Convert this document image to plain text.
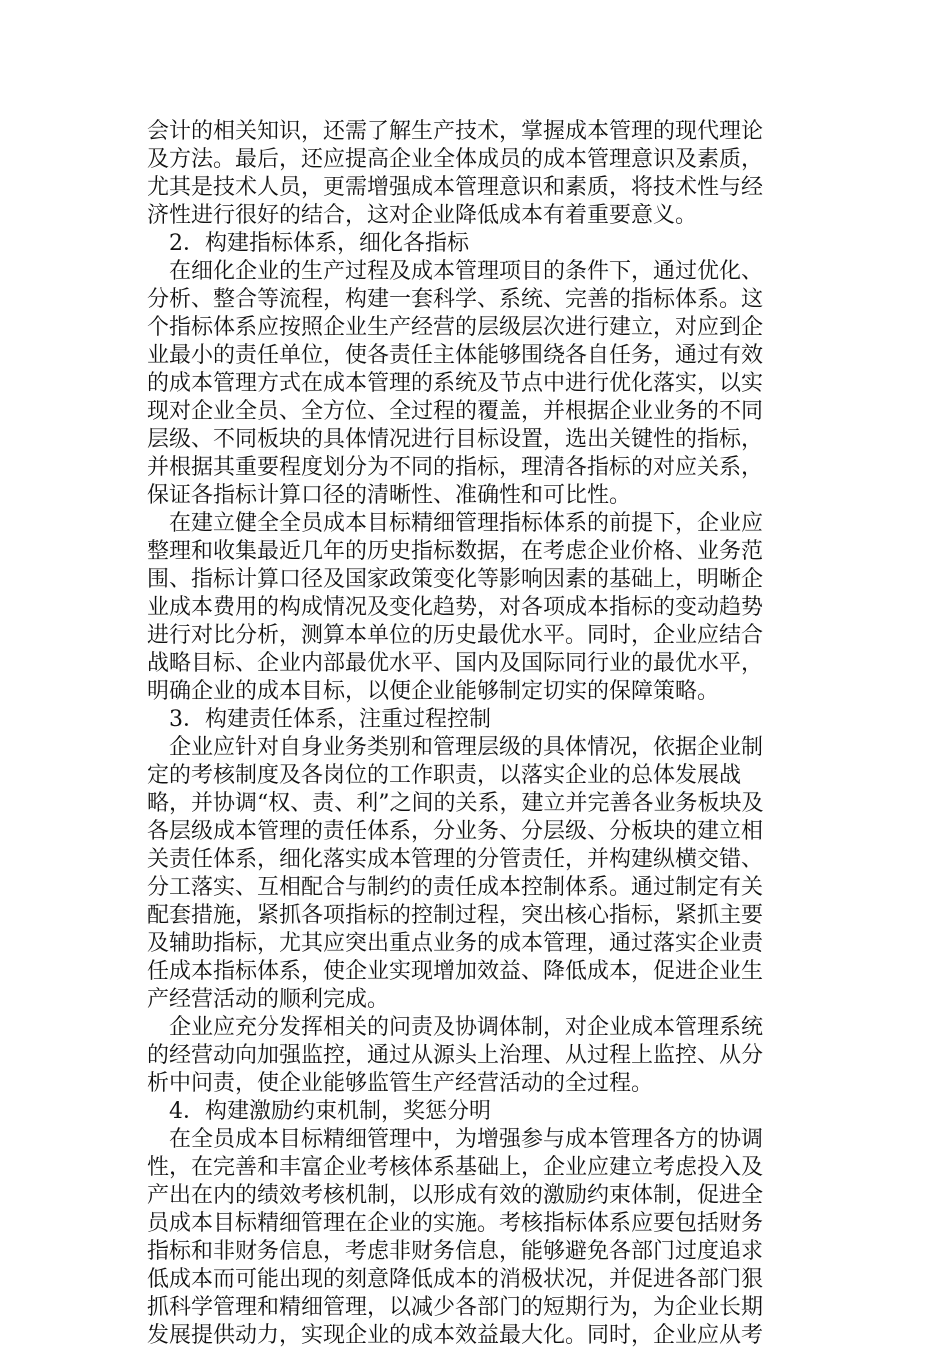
会计的相关知识，还需了解生产技术，掌握成本管理的现代理论及方法。最后，还应提高企业全体成员的成本管理意识及素质，尤其是技术人员，更需增强成本管理意识和素质，将技术性与经济性进行很好的结合，这对企业降低成本有着重要意义。

2．构建指标体系，细化各指标

在细化企业的生产过程及成本管理项目的条件下，通过优化、分析、整合等流程，构建一套科学、系统、完善的指标体系。这个指标体系应按照企业生产经营的层级层次进行建立，对应到企业最小的责任单位，使各责任主体能够围绕各自任务，通过有效的成本管理方式在成本管理的系统及节点中进行优化落实，以实现对企业全员、全方位、全过程的覆盖，并根据企业业务的不同层级、不同板块的具体情况进行目标设置，选出关键性的指标，并根据其重要程度划分为不同的指标，理清各指标的对应关系，保证各指标计算口径的清晰性、准确性和可比性。

在建立健全全员成本目标精细管理指标体系的前提下，企业应整理和收集最近几年的历史指标数据，在考虑企业价格、业务范围、指标计算口径及国家政策变化等影响因素的基础上，明晰企业成本费用的构成情况及变化趋势，对各项成本指标的变动趋势进行对比分析，测算本单位的历史最优水平。同时，企业应结合战略目标、企业内部最优水平、国内及国际同行业的最优水平，明确企业的成本目标，以便企业能够制定切实的保障策略。

3．构建责任体系，注重过程控制

企业应针对自身业务类别和管理层级的具体情况，依据企业制定的考核制度及各岗位的工作职责，以落实企业的总体发展战略，并协调“权、责、利”之间的关系，建立并完善各业务板块及各层级成本管理的责任体系，分业务、分层级、分板块的建立相关责任体系，细化落实成本管理的分管责任，并构建纵横交错、分工落实、互相配合与制约的责任成本控制体系。通过制定有关配套措施，紧抓各项指标的控制过程，突出核心指标，紧抓主要及辅助指标，尤其应突出重点业务的成本管理，通过落实企业责任成本指标体系，使企业实现增加效益、降低成本，促进企业生产经营活动的顺利完成。

企业应充分发挥相关的问责及协调体制，对企业成本管理系统的经营动向加强监控，通过从源头上治理、从过程上监控、从分析中问责，使企业能够监管生产经营活动的全过程。

4．构建激励约束机制，奖惩分明

在全员成本目标精细管理中，为增强参与成本管理各方的协调性，在完善和丰富企业考核体系基础上，企业应建立考虑投入及产出在内的绩效考核机制，以形成有效的激励约束体制，促进全员成本目标精细管理在企业的实施。考核指标体系应要包括财务指标和非财务信息，考虑非财务信息，能够避免各部门过度追求低成本而可能出现的刻意降低成本的消极状况，并促进各部门狠抓科学管理和精细管理，以减少各部门的短期行为，为企业长期发展提供动力，实现企业的成本效益最大化。同时，企业应从考
